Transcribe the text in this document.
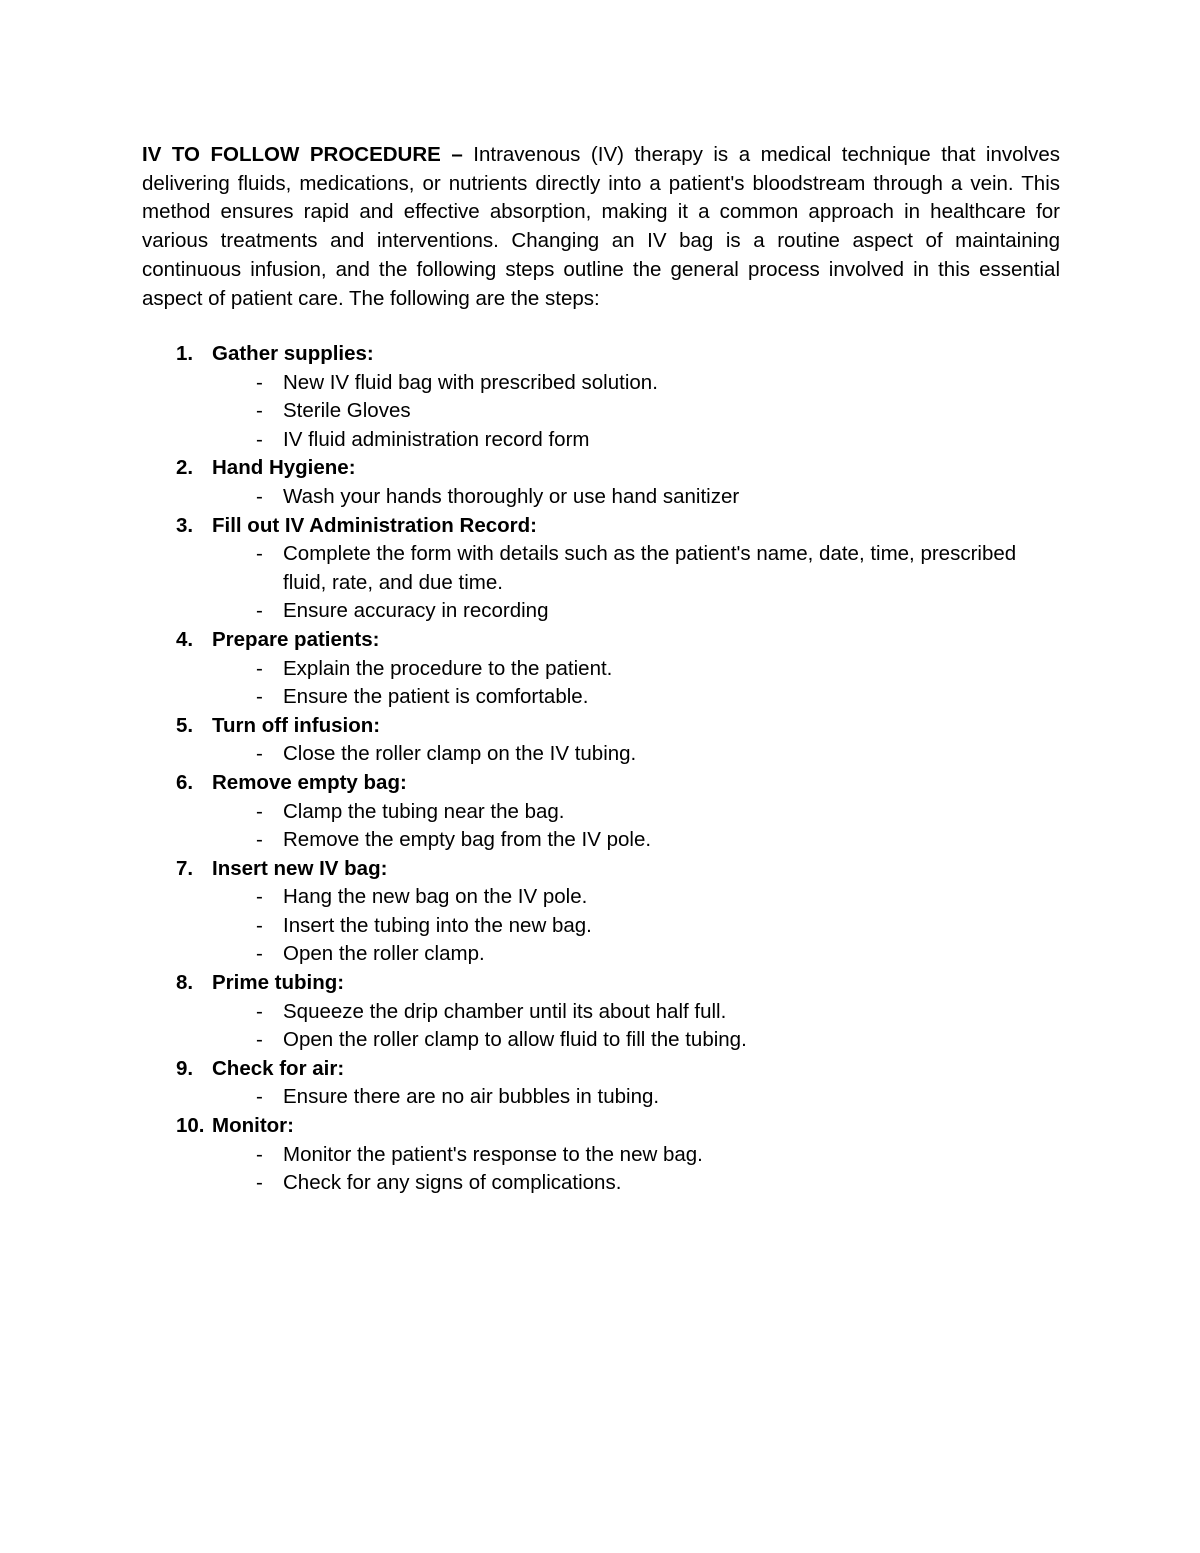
IV TO FOLLOW PROCEDURE – Intravenous (IV) therapy is a medical technique that involves delivering fluids, medications, or nutrients directly into a patient's bloodstream through a vein. This method ensures rapid and effective absorption, making it a common approach in healthcare for various treatments and interventions. Changing an IV bag is a routine aspect of maintaining continuous infusion, and the following steps outline the general process involved in this essential aspect of patient care. The following are the steps:

1. Gather supplies:
- New IV fluid bag with prescribed solution.
- Sterile Gloves
- IV fluid administration record form
2. Hand Hygiene:
- Wash your hands thoroughly or use hand sanitizer
3. Fill out IV Administration Record:
- Complete the form with details such as the patient's name, date, time, prescribed fluid, rate, and due time.
- Ensure accuracy in recording
4. Prepare patients:
- Explain the procedure to the patient.
- Ensure the patient is comfortable.
5. Turn off infusion:
- Close the roller clamp on the IV tubing.
6. Remove empty bag:
- Clamp the tubing near the bag.
- Remove the empty bag from the IV pole.
7. Insert new IV bag:
- Hang the new bag on the IV pole.
- Insert the tubing into the new bag.
- Open the roller clamp.
8. Prime tubing:
- Squeeze the drip chamber until its about half full.
- Open the roller clamp to allow fluid to fill the tubing.
9. Check for air:
- Ensure there are no air bubbles in tubing.
10. Monitor:
- Monitor the patient's response to the new bag.
- Check for any signs of complications.
